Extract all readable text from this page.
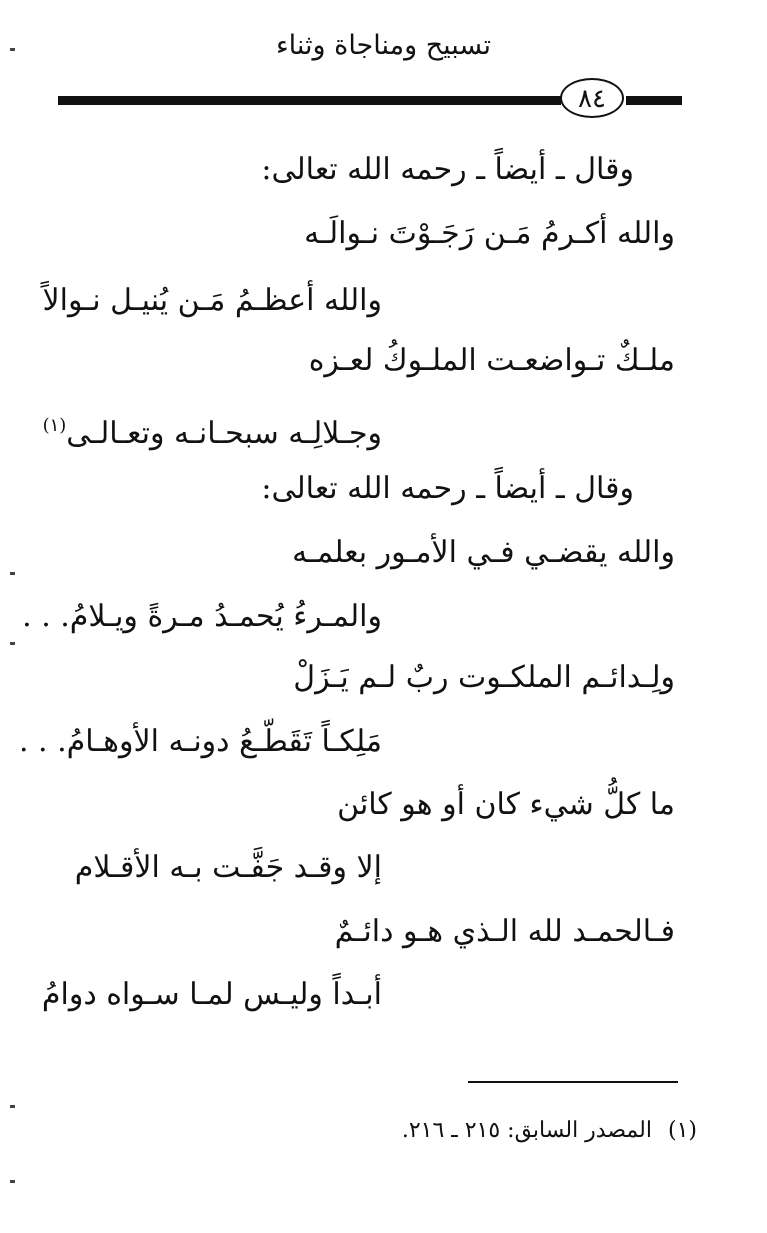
تسبيح ومناجاة وثناء
٨٤
وقال ـ أيضاً ـ رحمه الله تعالى:
والله أكـرمُ مَـن رَجَـوْتَ نـوالَـه
والله أعظـمُ مَـن يُنيـل نـوالاً
ملـكٌ تـواضعـت الملـوكُ لعـزه
وجـلالِـه سبحـانـه وتعـالـى$^{(١)}$
وقال ـ أيضاً ـ رحمه الله تعالى:
والله يقضـي فـي الأمـور بعلمـه
والمـرءُ يُحمـدُ مـرةً ويـلامُ. . .
ولِـدائـم الملكـوت ربٌ لـم يَـزَلْ
مَلِكـاً تَقَطّـعُ دونـه الأوهـامُ. . .
ما كلُّ شيء كان أو هو كائن
إلا وقـد جَفَّـت بـه الأقـلام
فـالحمـد لله الـذي هـو دائـمٌ
أبـداً وليـس لمـا سـواه دوامُ
(١)المصدر السابق: ٢١٥ ـ ٢١٦.
